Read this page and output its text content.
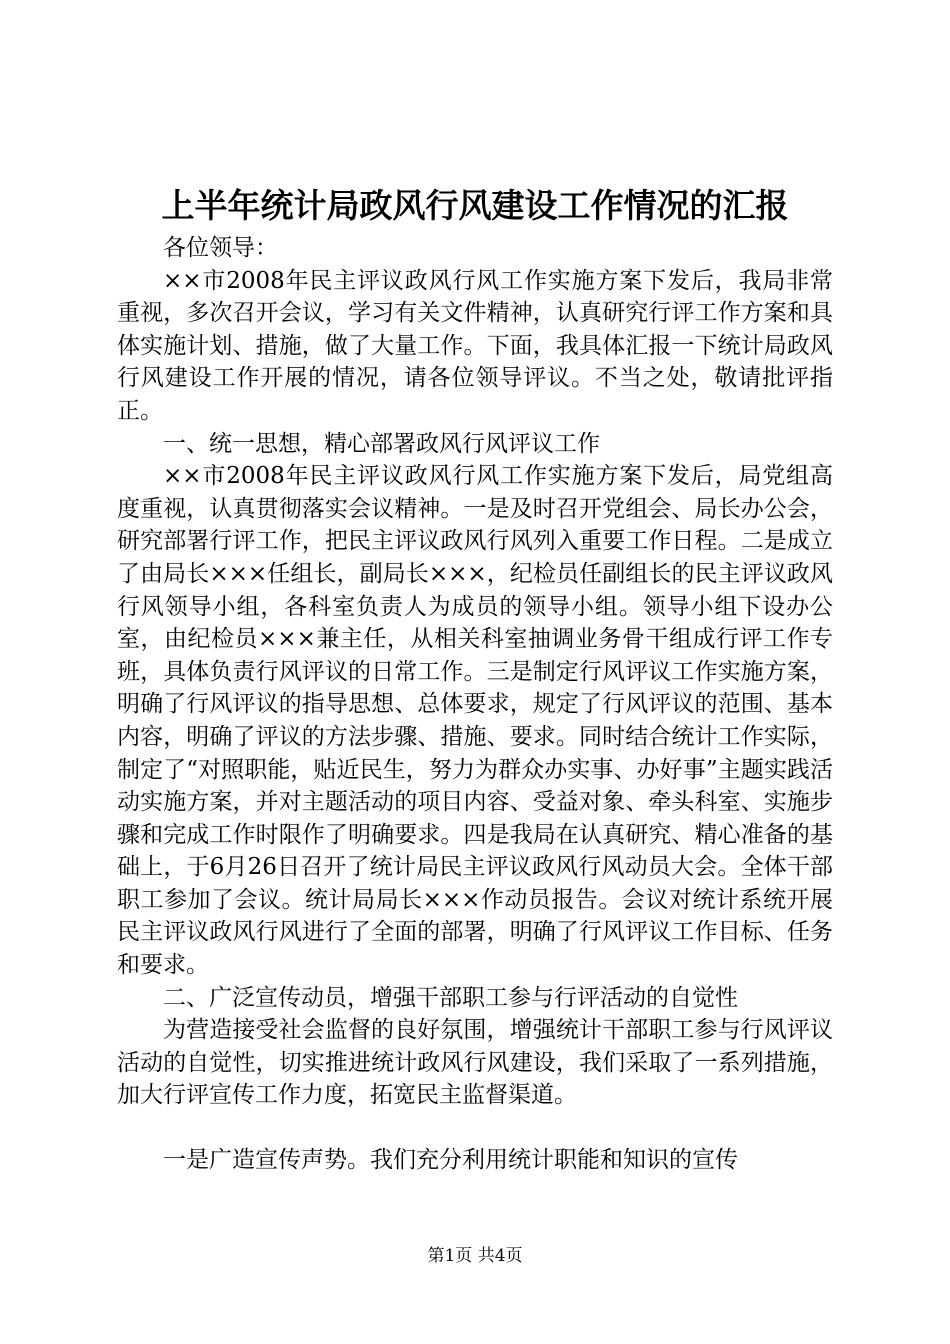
上半年统计局政风行风建设工作情况的汇报

各位领导：

××市2008年民主评议政风行风工作实施方案下发后，我局非常重视，多次召开会议，学习有关文件精神，认真研究行评工作方案和具体实施计划、措施，做了大量工作。下面，我具体汇报一下统计局政风行风建设工作开展的情况，请各位领导评议。不当之处，敬请批评指正。

一、统一思想，精心部署政风行风评议工作

××市2008年民主评议政风行风工作实施方案下发后，局党组高度重视，认真贯彻落实会议精神。一是及时召开党组会、局长办公会，研究部署行评工作，把民主评议政风行风列入重要工作日程。二是成立了由局长×××任组长，副局长×××，纪检员任副组长的民主评议政风行风领导小组，各科室负责人为成员的领导小组。领导小组下设办公室，由纪检员×××兼主任，从相关科室抽调业务骨干组成行评工作专班，具体负责行风评议的日常工作。三是制定行风评议工作实施方案，明确了行风评议的指导思想、总体要求，规定了行风评议的范围、基本内容，明确了评议的方法步骤、措施、要求。同时结合统计工作实际，制定了“对照职能，贴近民生，努力为群众办实事、办好事”主题实践活动实施方案，并对主题活动的项目内容、受益对象、牵头科室、实施步骤和完成工作时限作了明确要求。四是我局在认真研究、精心准备的基础上，于6月26日召开了统计局民主评议政风行风动员大会。全体干部职工参加了会议。统计局局长×××作动员报告。会议对统计系统开展民主评议政风行风进行了全面的部署，明确了行风评议工作目标、任务和要求。

二、广泛宣传动员，增强干部职工参与行评活动的自觉性

为营造接受社会监督的良好氛围，增强统计干部职工参与行风评议活动的自觉性，切实推进统计政风行风建设，我们采取了一系列措施，加大行评宣传工作力度，拓宽民主监督渠道。

一是广造宣传声势。我们充分利用统计职能和知识的宣传

第1页 共4页
